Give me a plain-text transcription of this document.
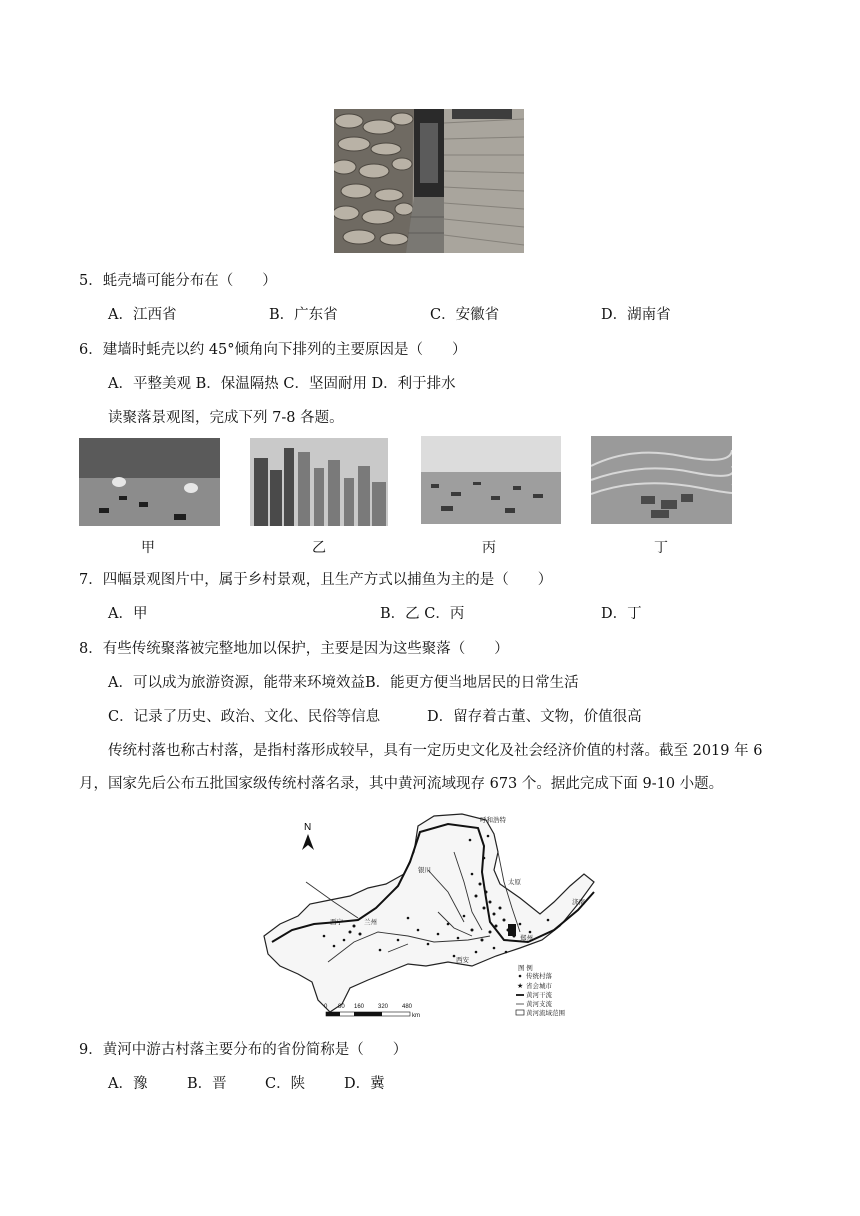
5．蚝壳墙可能分布在（　　）
A．江西省	B．广东省	C．安徽省	D．湖南省
6．建墙时蚝壳以约 45°倾角向下排列的主要原因是（　　）
A．平整美观 B．保温隔热 C．坚固耐用 D．利于排水
读聚落景观图，完成下列 7-8 各题。
甲	乙	丙	丁
7．四幅景观图片中，属于乡村景观，且生产方式以捕鱼为主的是（　　）
A．甲	B．乙 C．丙	D．丁
8．有些传统聚落被完整地加以保护，主要是因为这些聚落（　　）
A．可以成为旅游资源，能带来环境效益B．能更方便当地居民的日常生活
C．记录了历史、政治、文化、民俗等信息	D．留存着古董、文物，价值很高
传统村落也称古村落，是指村落形成较早，具有一定历史文化及社会经济价值的村落。截至 2019 年 6
月，国家先后公布五批国家级传统村落名录，其中黄河流域现存 673 个。据此完成下面 9-10 小题。
N
呼和浩特
银川
太原
济南
郑州
西安
兰州
西宁
图 例
传统村落
★ 省会城市
黄河干流
黄河支流
黄河流域范围
0 80 160 320 480
km
9．黄河中游古村落主要分布的省份简称是（　　）
A．豫	B．晋	C．陕	D．冀
